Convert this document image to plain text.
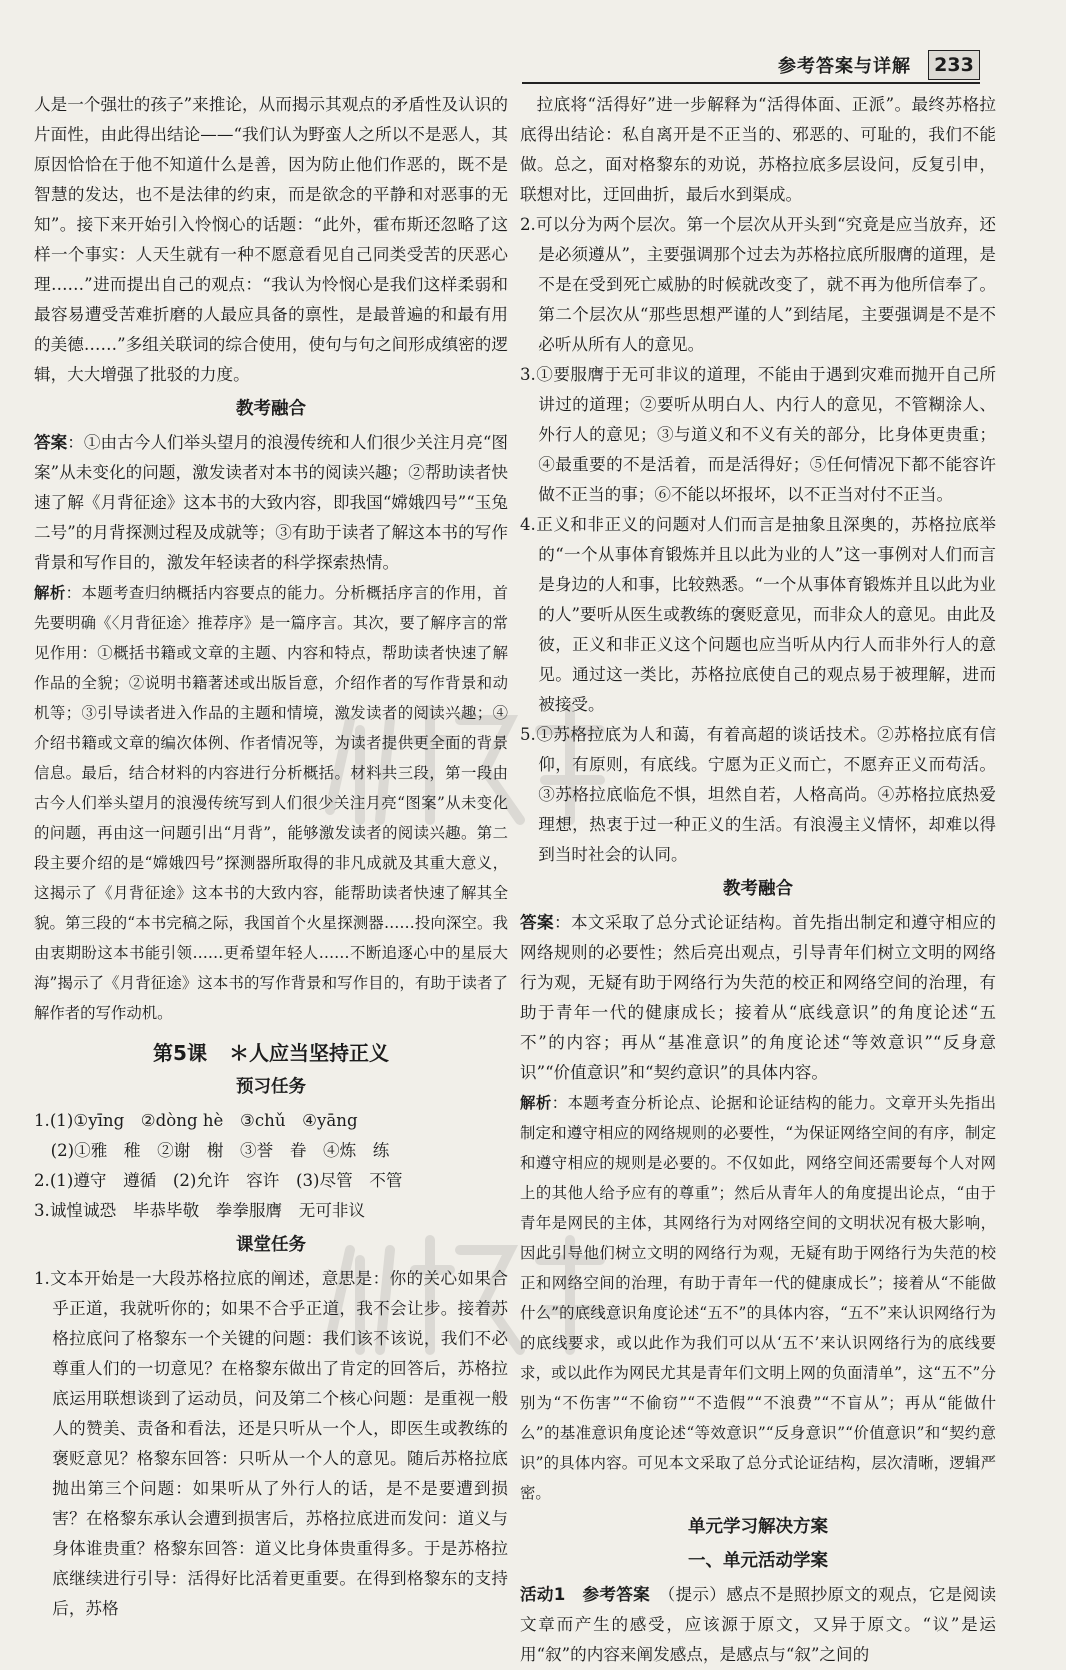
参考答案与详解	233

人是一个强壮的孩子”来推论，从而揭示其观点的矛盾性及认识的片面性，由此得出结论——“我们认为野蛮人之所以不是恶人，其原因恰恰在于他不知道什么是善，因为防止他们作恶的，既不是智慧的发达，也不是法律的约束，而是欲念的平静和对恶事的无知”。接下来开始引入怜悯心的话题：“此外，霍布斯还忽略了这样一个事实：人天生就有一种不愿意看见自己同类受苦的厌恶心理……”进而提出自己的观点：“我认为怜悯心是我们这样柔弱和最容易遭受苦难折磨的人最应具备的禀性，是最普遍的和最有用的美德……”多组关联词的综合使用，使句与句之间形成缜密的逻辑，大大增强了批驳的力度。

教考融合

答案：①由古今人们举头望月的浪漫传统和人们很少关注月亮“图案”从未变化的问题，激发读者对本书的阅读兴趣；②帮助读者快速了解《月背征途》这本书的大致内容，即我国“嫦娥四号”“玉兔二号”的月背探测过程及成就等；③有助于读者了解这本书的写作背景和写作目的，激发年轻读者的科学探索热情。

解析：本题考查归纳概括内容要点的能力。分析概括序言的作用，首先要明确《〈月背征途〉推荐序》是一篇序言。其次，要了解序言的常见作用：①概括书籍或文章的主题、内容和特点，帮助读者快速了解作品的全貌；②说明书籍著述或出版旨意，介绍作者的写作背景和动机等；③引导读者进入作品的主题和情境，激发读者的阅读兴趣；④介绍书籍或文章的编次体例、作者情况等，为读者提供更全面的背景信息。最后，结合材料的内容进行分析概括。材料共三段，第一段由古今人们举头望月的浪漫传统写到人们很少关注月亮“图案”从未变化的问题，再由这一问题引出“月背”，能够激发读者的阅读兴趣。第二段主要介绍的是“嫦娥四号”探测器所取得的非凡成就及其重大意义，这揭示了《月背征途》这本书的大致内容，能帮助读者快速了解其全貌。第三段的“本书完稿之际，我国首个火星探测器……投向深空。我由衷期盼这本书能引领……更希望年轻人……不断追逐心中的星辰大海”揭示了《月背征途》这本书的写作背景和写作目的，有助于读者了解作者的写作动机。

第5课 ＊人应当坚持正义
预习任务

1.(1)①yīng　②dòng hè　③chǔ　④yāng

(2)①雅　稚　②谢　榭　③誉　眷　④炼　练

2.(1)遵守　遵循　(2)允许　容许　(3)尽管　不管

3.诚惶诚恐　毕恭毕敬　拳拳服膺　无可非议

课堂任务

1.文本开始是一大段苏格拉底的阐述，意思是：你的关心如果合乎正道，我就听你的；如果不合乎正道，我不会让步。接着苏格拉底问了格黎东一个关键的问题：我们该不该说，我们不必尊重人们的一切意见？在格黎东做出了肯定的回答后，苏格拉底运用联想谈到了运动员，问及第二个核心问题：是重视一般人的赞美、责备和看法，还是只听从一个人，即医生或教练的褒贬意见？格黎东回答：只听从一个人的意见。随后苏格拉底抛出第三个问题：如果听从了外行人的话，是不是要遭到损害？在格黎东承认会遭到损害后，苏格拉底进而发问：道义与身体谁贵重？格黎东回答：道义比身体贵重得多。于是苏格拉底继续进行引导：活得好比活着更重要。在得到格黎东的支持后，苏格

拉底将“活得好”进一步解释为“活得体面、正派”。最终苏格拉底得出结论：私自离开是不正当的、邪恶的、可耻的，我们不能做。总之，面对格黎东的劝说，苏格拉底多层设问，反复引申，联想对比，迂回曲折，最后水到渠成。

2.可以分为两个层次。第一个层次从开头到“究竟是应当放弃，还是必须遵从”，主要强调那个过去为苏格拉底所服膺的道理，是不是在受到死亡威胁的时候就改变了，就不再为他所信奉了。第二个层次从“那些思想严谨的人”到结尾，主要强调是不是不必听从所有人的意见。

3.①要服膺于无可非议的道理，不能由于遇到灾难而抛开自己所讲过的道理；②要听从明白人、内行人的意见，不管糊涂人、外行人的意见；③与道义和不义有关的部分，比身体更贵重；④最重要的不是活着，而是活得好；⑤任何情况下都不能容许做不正当的事；⑥不能以坏报坏，以不正当对付不正当。

4.正义和非正义的问题对人们而言是抽象且深奥的，苏格拉底举的“一个从事体育锻炼并且以此为业的人”这一事例对人们而言是身边的人和事，比较熟悉。“一个从事体育锻炼并且以此为业的人”要听从医生或教练的褒贬意见，而非众人的意见。由此及彼，正义和非正义这个问题也应当听从内行人而非外行人的意见。通过这一类比，苏格拉底使自己的观点易于被理解，进而被接受。

5.①苏格拉底为人和蔼，有着高超的谈话技术。②苏格拉底有信仰，有原则，有底线。宁愿为正义而亡，不愿弃正义而苟活。③苏格拉底临危不惧，坦然自若，人格高尚。④苏格拉底热爱理想，热衷于过一种正义的生活。有浪漫主义情怀，却难以得到当时社会的认同。

教考融合

答案：本文采取了总分式论证结构。首先指出制定和遵守相应的网络规则的必要性；然后亮出观点，引导青年们树立文明的网络行为观，无疑有助于网络行为失范的校正和网络空间的治理，有助于青年一代的健康成长；接着从“底线意识”的角度论述“五不”的内容；再从“基准意识”的角度论述“等效意识”“反身意识”“价值意识”和“契约意识”的具体内容。

解析：本题考查分析论点、论据和论证结构的能力。文章开头先指出制定和遵守相应的网络规则的必要性，“为保证网络空间的有序，制定和遵守相应的规则是必要的。不仅如此，网络空间还需要每个人对网上的其他人给予应有的尊重”；然后从青年人的角度提出论点，“由于青年是网民的主体，其网络行为对网络空间的文明状况有极大影响，因此引导他们树立文明的网络行为观，无疑有助于网络行为失范的校正和网络空间的治理，有助于青年一代的健康成长”；接着从“不能做什么”的底线意识角度论述“五不”的具体内容，“五不”来认识网络行为的底线要求，或以此作为我们可以从‘五不’来认识网络行为的底线要求，或以此作为网民尤其是青年们文明上网的负面清单”，这“五不”分别为“不伤害”“不偷窃”“不造假”“不浪费”“不盲从”；再从“能做什么”的基准意识角度论述“等效意识”“反身意识”“价值意识”和“契约意识”的具体内容。可见本文采取了总分式论证结构，层次清晰，逻辑严密。

单元学习解决方案
一、单元活动学案

活动1　 参考答案　 （提示）感点不是照抄原文的观点，它是阅读文章而产生的感受，应该源于原文，又异于原文。“议”是运用“叙”的内容来阐发感点，是感点与“叙”之间的
